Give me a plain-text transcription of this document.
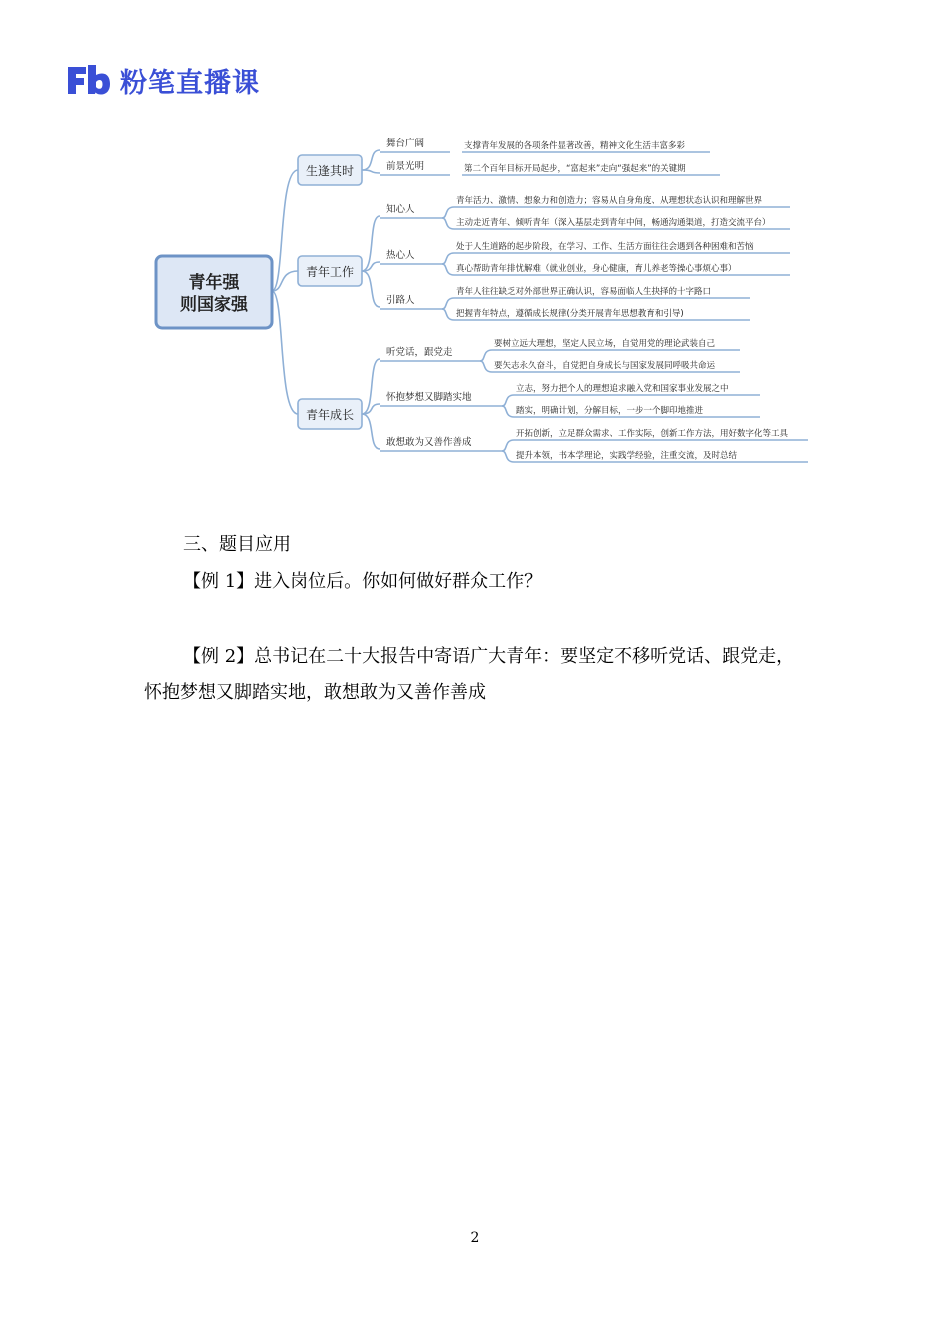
粉笔直播课
青年强
则国家强
生逢其时
舞台广阔	支撑青年发展的各项条件显著改善，精神文化生活丰富多彩
前景光明	第二个百年目标开局起步，“富起来”走向“强起来”的关键期
青年工作
知心人
青年活力、激情、想象力和创造力；容易从自身角度、从理想状态认识和理解世界
主动走近青年、倾听青年（深入基层走到青年中间，畅通沟通渠道，打造交流平台）
热心人
处于人生道路的起步阶段，在学习、工作、生活方面往往会遇到各种困难和苦恼
真心帮助青年排忧解难（就业创业，身心健康，育儿养老等操心事烦心事）
引路人
青年人往往缺乏对外部世界正确认识，容易面临人生抉择的十字路口
把握青年特点，遵循成长规律(分类开展青年思想教育和引导)
青年成长
听党话，跟党走
要树立远大理想，坚定人民立场，自觉用党的理论武装自己
要矢志永久奋斗，自觉把自身成长与国家发展同呼吸共命运
怀抱梦想又脚踏实地
立志，努力把个人的理想追求融入党和国家事业发展之中
踏实，明确计划，分解目标，一步一个脚印地推进
敢想敢为又善作善成
开拓创新，立足群众需求、工作实际，创新工作方法，用好数字化等工具
提升本领，书本学理论，实践学经验，注重交流，及时总结
三、题目应用
【例 1】进入岗位后。你如何做好群众工作？
【例 2】总书记在二十大报告中寄语广大青年：要坚定不移听党话、跟党走，
怀抱梦想又脚踏实地，敢想敢为又善作善成
2
